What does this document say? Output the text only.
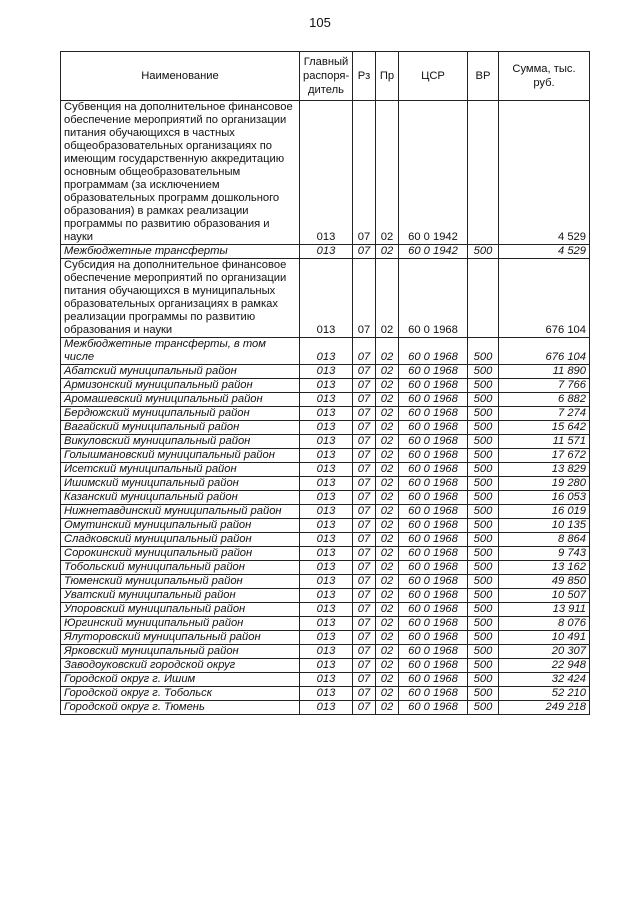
105
Наименование	Главный распоря-дитель	Рз	Пр	ЦСР	ВР	Сумма, тыс. руб.
Субвенция на дополнительное финансовое обеспечение мероприятий по организации питания обучающихся в частных общеобразовательных организациях по имеющим государственную аккредитацию основным общеобразовательным программам (за исключением образовательных программ дошкольного образования) в рамках реализации программы по развитию образования и науки	013	07	02	60 0 1942		4 529
Межбюджетные трансферты	013	07	02	60 0 1942	500	4 529
Субсидия на дополнительное финансовое обеспечение мероприятий по организации питания обучающихся в муниципальных образовательных организациях в рамках реализации программы по развитию образования и науки	013	07	02	60 0 1968		676 104
Межбюджетные трансферты, в том числе	013	07	02	60 0 1968	500	676 104
Абатский муниципальный район	013	07	02	60 0 1968	500	11 890
Армизонский муниципальный район	013	07	02	60 0 1968	500	7 766
Аромашевский муниципальный район	013	07	02	60 0 1968	500	6 882
Бердюжский муниципальный район	013	07	02	60 0 1968	500	7 274
Вагайский муниципальный район	013	07	02	60 0 1968	500	15 642
Викуловский муниципальный район	013	07	02	60 0 1968	500	11 571
Голышмановский муниципальный район	013	07	02	60 0 1968	500	17 672
Исетский муниципальный район	013	07	02	60 0 1968	500	13 829
Ишимский муниципальный район	013	07	02	60 0 1968	500	19 280
Казанский муниципальный район	013	07	02	60 0 1968	500	16 053
Нижнетавдинский муниципальный район	013	07	02	60 0 1968	500	16 019
Омутинский муниципальный район	013	07	02	60 0 1968	500	10 135
Сладковский муниципальный район	013	07	02	60 0 1968	500	8 864
Сорокинский муниципальный район	013	07	02	60 0 1968	500	9 743
Тобольский муниципальный район	013	07	02	60 0 1968	500	13 162
Тюменский муниципальный район	013	07	02	60 0 1968	500	49 850
Уватский муниципальный район	013	07	02	60 0 1968	500	10 507
Упоровский муниципальный район	013	07	02	60 0 1968	500	13 911
Юргинский муниципальный район	013	07	02	60 0 1968	500	8 076
Ялуторовский муниципальный район	013	07	02	60 0 1968	500	10 491
Ярковский муниципальный район	013	07	02	60 0 1968	500	20 307
Заводоуковский городской округ	013	07	02	60 0 1968	500	22 948
Городской округ г. Ишим	013	07	02	60 0 1968	500	32 424
Городской округ г. Тобольск	013	07	02	60 0 1968	500	52 210
Городской округ г. Тюмень	013	07	02	60 0 1968	500	249 218
